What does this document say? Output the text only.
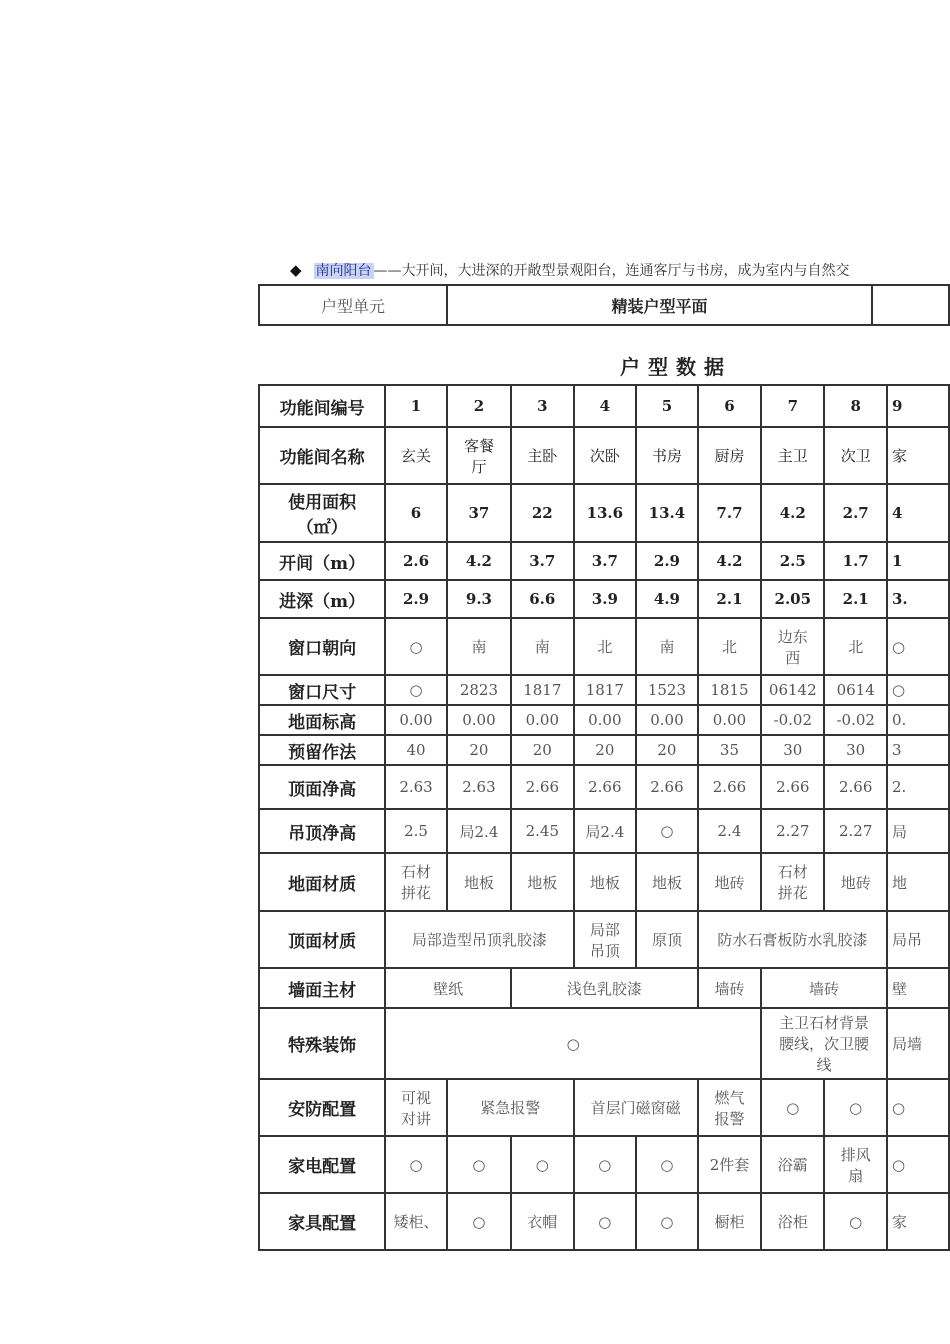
◆ 南向阳台 ——大开间，大进深的开敞型景观阳台，连通客厅与书房，成为室内与自然交
户型单元	精装户型平面	
户型数据
功能间编号	1	2	3	4	5	6	7	8	9
功能间名称	玄关	客餐厅	主卧	次卧	书房	厨房	主卫	次卫	家
使用面积（㎡）	6	37	22	13.6	13.4	7.7	4.2	2.7	4
开间（m）	2.6	4.2	3.7	3.7	2.9	4.2	2.5	1.7	1
进深（m）	2.9	9.3	6.6	3.9	4.9	2.1	2.05	2.1	3.
窗口朝向	○	南	南	北	南	北	边东西	北	○
窗口尺寸	○	2823	1817	1817	1523	1815	06142	0614	○
地面标高	0.00	0.00	0.00	0.00	0.00	0.00	-0.02	-0.02	0.
预留作法	40	20	20	20	20	35	30	30	3
顶面净高	2.63	2.63	2.66	2.66	2.66	2.66	2.66	2.66	2.
吊顶净高	2.5	局2.4	2.45	局2.4	○	2.4	2.27	2.27	局
地面材质	石材拼花	地板	地板	地板	地板	地砖	石材拼花	地砖	地
顶面材质	局部造型吊顶乳胶漆			局部吊顶	原顶	防水石膏板防水乳胶漆			局吊
墙面主材	壁纸		浅色乳胶漆			墙砖	墙砖		壁
特殊装饰	○						主卫石材背景腰线，次卫腰线		局墙
安防配置	可视对讲	紧急报警		首层门磁窗磁		燃气报警	○	○	○
家电配置	○	○	○	○	○	2件套	浴霸	排风扇	○
家具配置	矮柜、	○	衣帽	○	○	橱柜	浴柜	○	家
